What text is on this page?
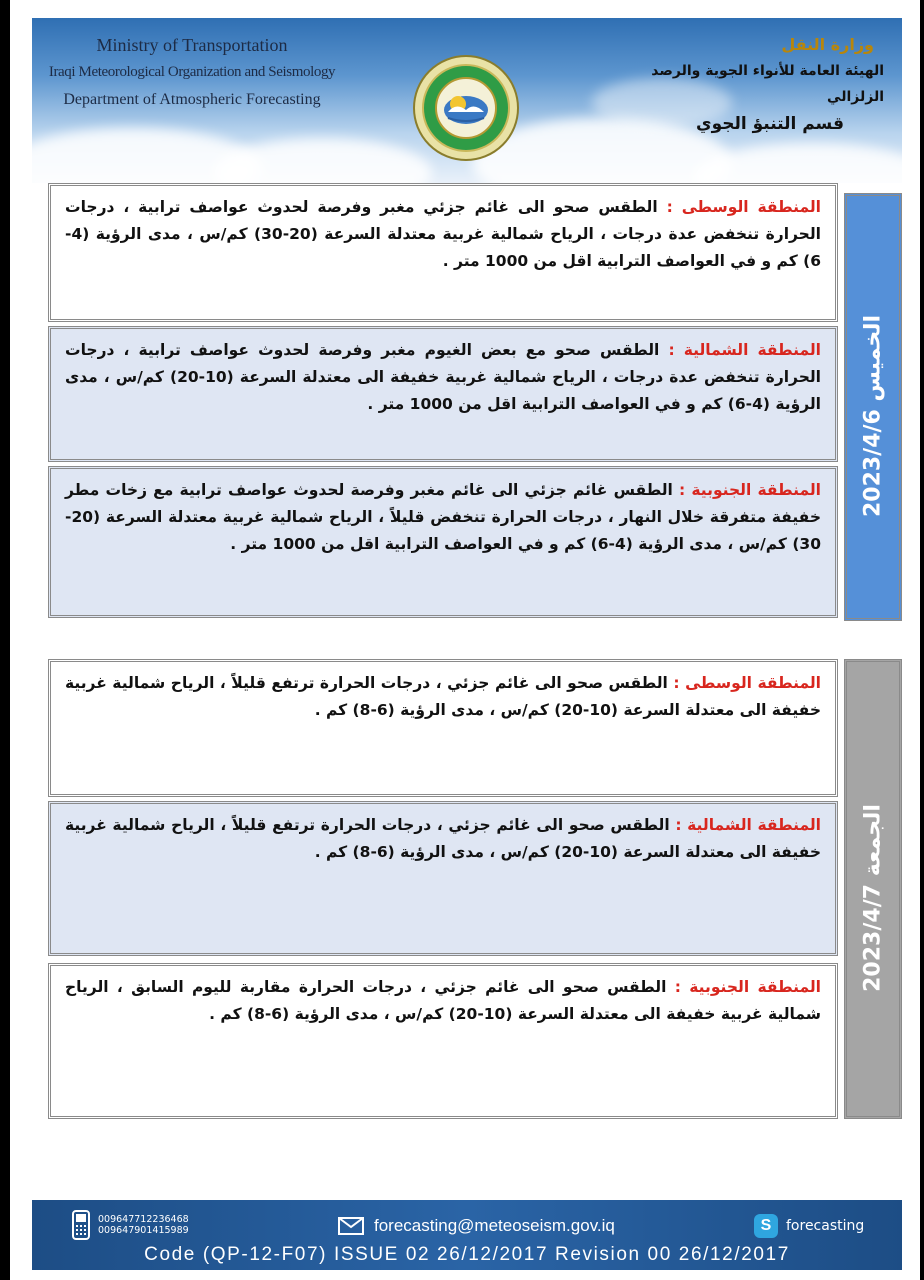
Ministry of Transportation
Iraqi Meteorological Organization and Seismology
Department of Atmospheric Forecasting
وزارة النقل
الهيئة العامة للأنواء الجوية والرصد الزلزالي
قسم التنبؤ الجوي

المنطقة الوسطى : الطقس صحو الى غائم جزئي مغبر وفرصة لحدوث عواصف ترابية ، درجات الحرارة تنخفض عدة درجات ، الرياح شمالية غربية معتدلة السرعة (20-30) كم/س ، مدى الرؤية (4-6) كم و في العواصف الترابية اقل من 1000 متر .

المنطقة الشمالية : الطقس صحو مع بعض الغيوم مغبر وفرصة لحدوث عواصف ترابية ، درجات الحرارة تنخفض عدة درجات ، الرياح شمالية غربية خفيفة الى معتدلة السرعة (10-20) كم/س ، مدى الرؤية (4-6) كم و في العواصف الترابية اقل من 1000 متر .

المنطقة الجنوبية : الطقس غائم جزئي الى غائم مغبر وفرصة لحدوث عواصف ترابية مع زخات مطر خفيفة متفرقة خلال النهار ، درجات الحرارة تنخفض قليلاً ، الرياح شمالية غربية معتدلة السرعة (20-30) كم/س ، مدى الرؤية (4-6) كم و في العواصف الترابية اقل من 1000 متر .

2023/4/6 الخميس

المنطقة الوسطى : الطقس صحو الى غائم جزئي ، درجات الحرارة ترتفع قليلاً ، الرياح شمالية غربية خفيفة الى معتدلة السرعة (10-20) كم/س ، مدى الرؤية (6-8) كم .

المنطقة الشمالية : الطقس صحو الى غائم جزئي ، درجات الحرارة ترتفع قليلاً ، الرياح شمالية غربية خفيفة الى معتدلة السرعة (10-20) كم/س ، مدى الرؤية (6-8) كم .

المنطقة الجنوبية : الطقس صحو الى غائم جزئي ، درجات الحرارة مقاربة لليوم السابق ، الرياح شمالية غربية خفيفة الى معتدلة السرعة (10-20) كم/س ، مدى الرؤية (6-8) كم .

2023/4/7 الجمعة
009647712236468
009647901415989	forecasting@meteoseism.gov.iq	S	forecasting
Code (QP-12-F07) ISSUE 02 26/12/2017 Revision 00 26/12/2017
